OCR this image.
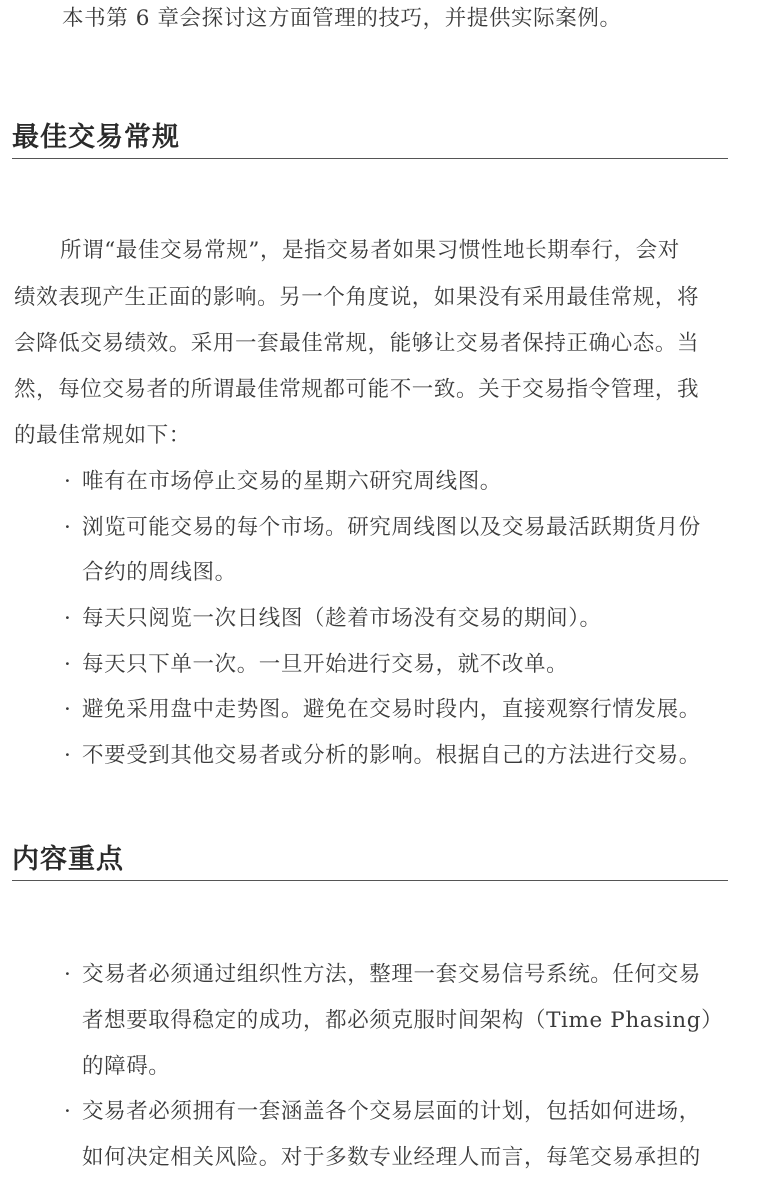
本书第 6 章会探讨这方面管理的技巧，并提供实际案例。
最佳交易常规
所谓“最佳交易常规”，是指交易者如果习惯性地长期奉行，会对
绩效表现产生正面的影响。另一个角度说，如果没有采用最佳常规，将
会降低交易绩效。采用一套最佳常规，能够让交易者保持正确心态。当
然，每位交易者的所谓最佳常规都可能不一致。关于交易指令管理，我
的最佳常规如下：
· 唯有在市场停止交易的星期六研究周线图。
· 浏览可能交易的每个市场。研究周线图以及交易最活跃期货月份
合约的周线图。
· 每天只阅览一次日线图（趁着市场没有交易的期间）。
· 每天只下单一次。一旦开始进行交易，就不改单。
· 避免采用盘中走势图。避免在交易时段内，直接观察行情发展。
· 不要受到其他交易者或分析的影响。根据自己的方法进行交易。
内容重点
· 交易者必须通过组织性方法，整理一套交易信号系统。任何交易
者想要取得稳定的成功，都必须克服时间架构（Time Phasing）
的障碍。
· 交易者必须拥有一套涵盖各个交易层面的计划，包括如何进场，
如何决定相关风险。对于多数专业经理人而言，每笔交易承担的
